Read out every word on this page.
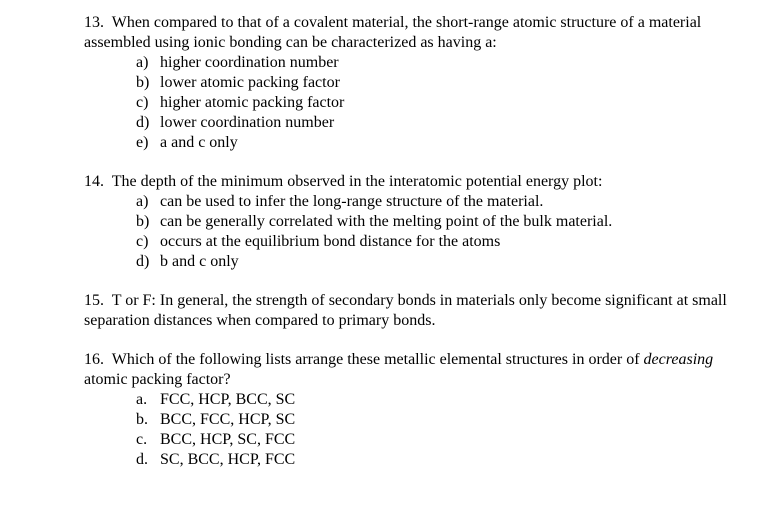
13. When compared to that of a covalent material, the short-range atomic structure of a material assembled using ionic bonding can be characterized as having a:

a) higher coordination number
b) lower atomic packing factor
c) higher atomic packing factor
d) lower coordination number
e) a and c only

14. The depth of the minimum observed in the interatomic potential energy plot:

a) can be used to infer the long-range structure of the material.
b) can be generally correlated with the melting point of the bulk material.
c) occurs at the equilibrium bond distance for the atoms
d) b and c only

15. T or F: In general, the strength of secondary bonds in materials only become significant at small separation distances when compared to primary bonds.

16. Which of the following lists arrange these metallic elemental structures in order of decreasing atomic packing factor?

a. FCC, HCP, BCC, SC
b. BCC, FCC, HCP, SC
c. BCC, HCP, SC, FCC
d. SC, BCC, HCP, FCC
